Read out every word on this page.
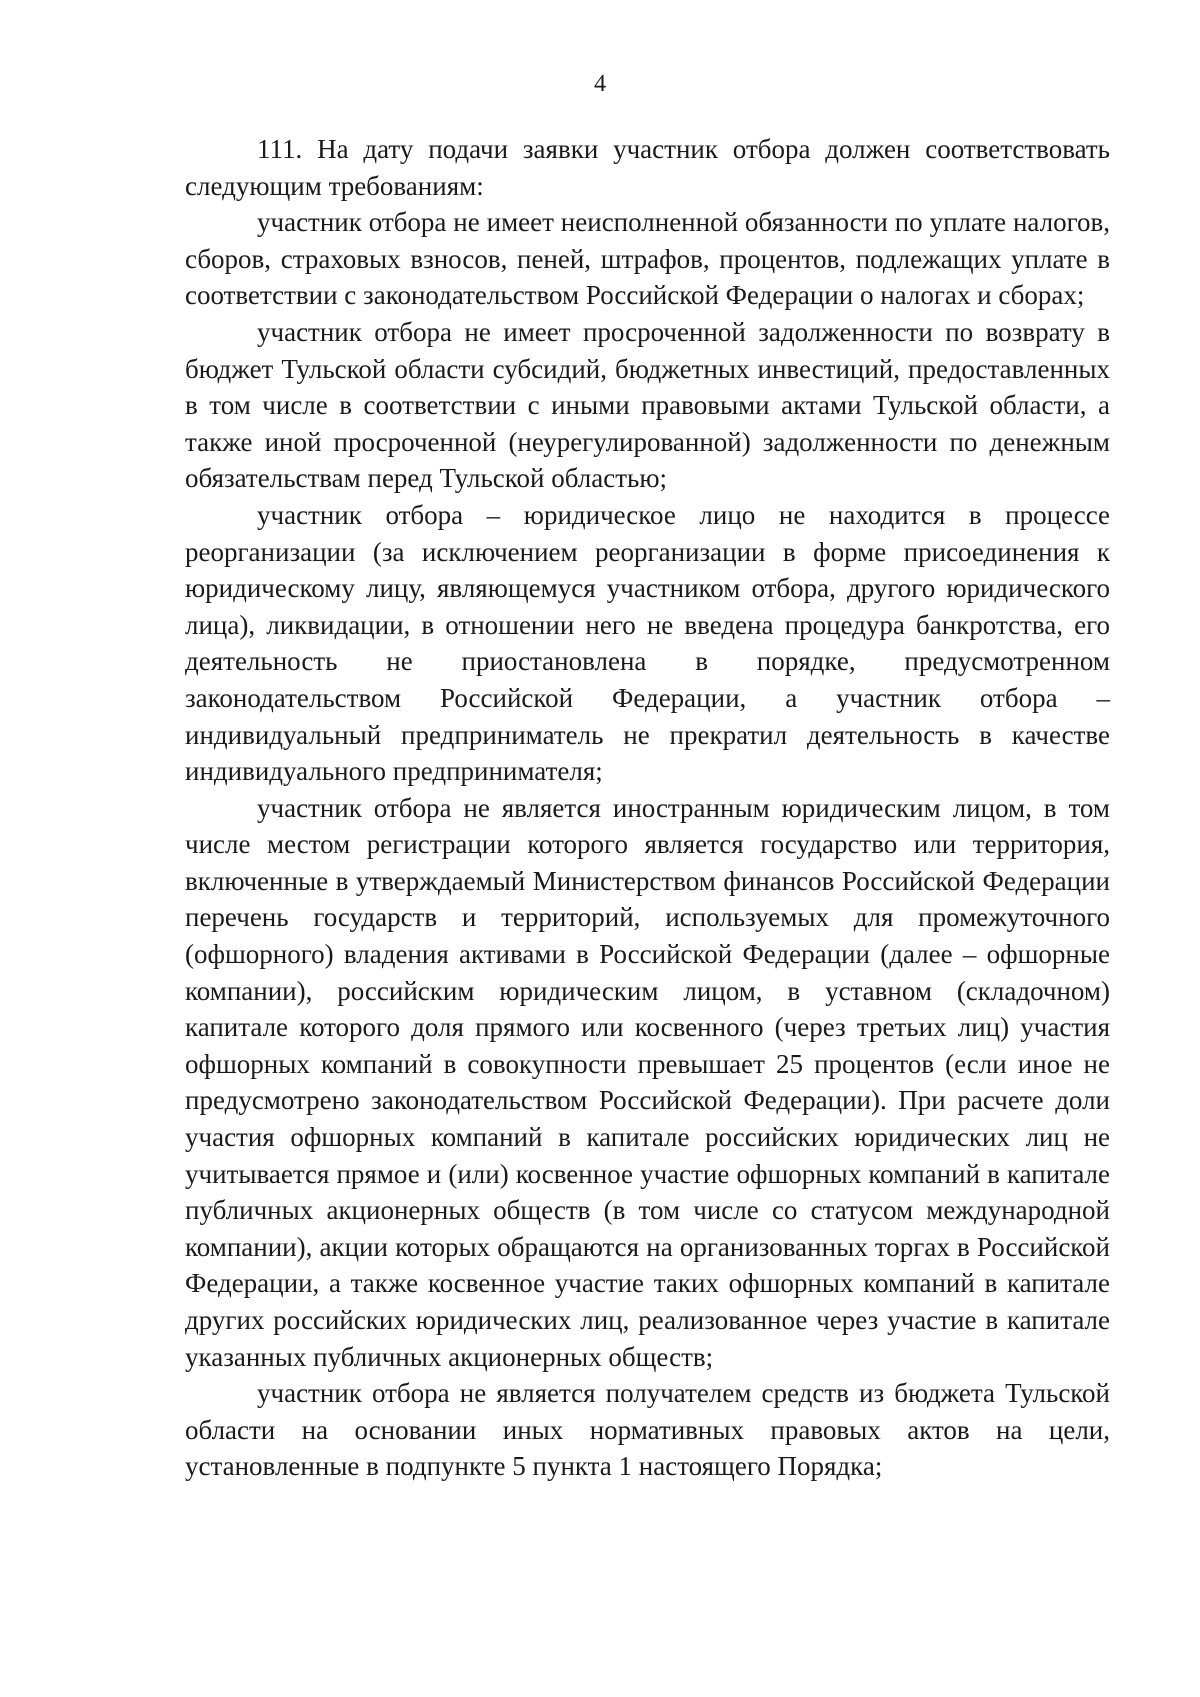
4

111. На дату подачи заявки участник отбора должен соответствовать следующим требованиям:

участник отбора не имеет неисполненной обязанности по уплате налогов, сборов, страховых взносов, пеней, штрафов, процентов, подлежащих уплате в соответствии с законодательством Российской Федерации о налогах и сборах;

участник отбора не имеет просроченной задолженности по возврату в бюджет Тульской области субсидий, бюджетных инвестиций, предоставленных в том числе в соответствии с иными правовыми актами Тульской области, а также иной просроченной (неурегулированной) задолженности по денежным обязательствам перед Тульской областью;

участник отбора – юридическое лицо не находится в процессе реорганизации (за исключением реорганизации в форме присоединения к юридическому лицу, являющемуся участником отбора, другого юридического лица), ликвидации, в отношении него не введена процедура банкротства, его деятельность не приостановлена в порядке, предусмотренном законодательством Российской Федерации, а участник отбора – индивидуальный предприниматель не прекратил деятельность в качестве индивидуального предпринимателя;

участник отбора не является иностранным юридическим лицом, в том числе местом регистрации которого является государство или территория, включенные в утверждаемый Министерством финансов Российской Федерации перечень государств и территорий, используемых для промежуточного (офшорного) владения активами в Российской Федерации (далее – офшорные компании), российским юридическим лицом, в уставном (складочном) капитале которого доля прямого или косвенного (через третьих лиц) участия офшорных компаний в совокупности превышает 25 процентов (если иное не предусмотрено законодательством Российской Федерации). При расчете доли участия офшорных компаний в капитале российских юридических лиц не учитывается прямое и (или) косвенное участие офшорных компаний в капитале публичных акционерных обществ (в том числе со статусом международной компании), акции которых обращаются на организованных торгах в Российской Федерации, а также косвенное участие таких офшорных компаний в капитале других российских юридических лиц, реализованное через участие в капитале указанных публичных акционерных обществ;

участник отбора не является получателем средств из бюджета Тульской области на основании иных нормативных правовых актов на цели, установленные в подпункте 5 пункта 1 настоящего Порядка;
